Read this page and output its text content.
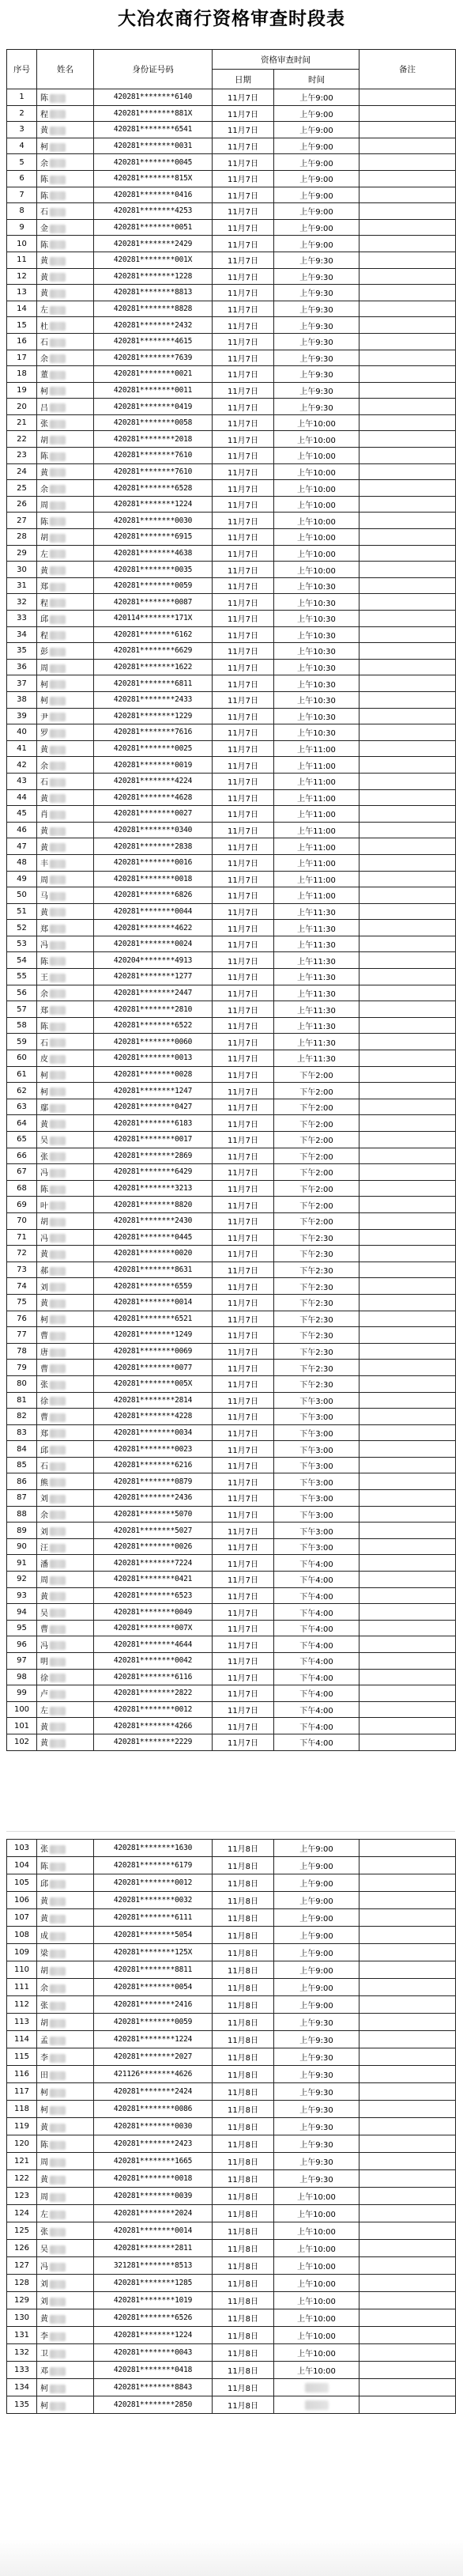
大冶农商行资格审查时段表
序号	姓名	身份证号码	资格审查时间		备注
			日期	时间	
1	陈	420281********6140	11月7日	上午9:00	
2	程	420281********881X	11月7日	上午9:00	
3	黄	420281********6541	11月7日	上午9:00	
4	柯	420281********0031	11月7日	上午9:00	
5	余	420281********0045	11月7日	上午9:00	
6	陈	420281********815X	11月7日	上午9:00	
7	陈	420281********0416	11月7日	上午9:00	
8	石	420281********4253	11月7日	上午9:00	
9	金	420281********0051	11月7日	上午9:00	
10	陈	420281********2429	11月7日	上午9:00	
11	黄	420281********001X	11月7日	上午9:30	
12	黄	420281********1228	11月7日	上午9:30	
13	黄	420281********8813	11月7日	上午9:30	
14	左	420281********8828	11月7日	上午9:30	
15	杜	420281********2432	11月7日	上午9:30	
16	石	420281********4615	11月7日	上午9:30	
17	余	420281********7639	11月7日	上午9:30	
18	董	420281********0021	11月7日	上午9:30	
19	柯	420281********0011	11月7日	上午9:30	
20	吕	420281********0419	11月7日	上午9:30	
21	张	420281********0058	11月7日	上午10:00	
22	胡	420281********2018	11月7日	上午10:00	
23	陈	420281********7610	11月7日	上午10:00	
24	黄	420281********7610	11月7日	上午10:00	
25	余	420281********6528	11月7日	上午10:00	
26	周	420281********1224	11月7日	上午10:00	
27	陈	420281********0030	11月7日	上午10:00	
28	胡	420281********6915	11月7日	上午10:00	
29	左	420281********4638	11月7日	上午10:00	
30	黄	420281********0035	11月7日	上午10:00	
31	郑	420281********0059	11月7日	上午10:30	
32	程	420281********0087	11月7日	上午10:30	
33	邱	420114********171X	11月7日	上午10:30	
34	程	420281********6162	11月7日	上午10:30	
35	彭	420281********6629	11月7日	上午10:30	
36	周	420281********1622	11月7日	上午10:30	
37	柯	420281********6811	11月7日	上午10:30	
38	柯	420281********2433	11月7日	上午10:30	
39	尹	420281********1229	11月7日	上午10:30	
40	罗	420281********7616	11月7日	上午10:30	
41	黄	420281********0025	11月7日	上午11:00	
42	余	420281********0019	11月7日	上午11:00	
43	石	420281********4224	11月7日	上午11:00	
44	黄	420281********4628	11月7日	上午11:00	
45	肖	420281********0027	11月7日	上午11:00	
46	黄	420281********0340	11月7日	上午11:00	
47	黄	420281********2838	11月7日	上午11:00	
48	丰	420281********0016	11月7日	上午11:00	
49	周	420281********0018	11月7日	上午11:00	
50	马	420281********6826	11月7日	上午11:00	
51	黄	420281********0044	11月7日	上午11:30	
52	郑	420281********4622	11月7日	上午11:30	
53	冯	420281********0024	11月7日	上午11:30	
54	陈	420204********4913	11月7日	上午11:30	
55	王	420281********1277	11月7日	上午11:30	
56	余	420281********2447	11月7日	上午11:30	
57	郑	420281********2810	11月7日	上午11:30	
58	陈	420281********6522	11月7日	上午11:30	
59	石	420281********0060	11月7日	上午11:30	
60	皮	420281********0013	11月7日	上午11:30	
61	柯	420281********0028	11月7日	下午2:00	
62	柯	420281********1247	11月7日	下午2:00	
63	鄢	420281********0427	11月7日	下午2:00	
64	黄	420281********6183	11月7日	下午2:00	
65	吴	420281********0017	11月7日	下午2:00	
66	张	420281********2869	11月7日	下午2:00	
67	冯	420281********6429	11月7日	下午2:00	
68	陈	420281********3213	11月7日	下午2:00	
69	叶	420281********8820	11月7日	下午2:00	
70	胡	420281********2430	11月7日	下午2:00	
71	冯	420281********0445	11月7日	下午2:30	
72	黄	420281********0020	11月7日	下午2:30	
73	郝	420281********8631	11月7日	下午2:30	
74	刘	420281********6559	11月7日	下午2:30	
75	黄	420281********0014	11月7日	下午2:30	
76	柯	420281********6521	11月7日	下午2:30	
77	曹	420281********1249	11月7日	下午2:30	
78	唐	420281********0069	11月7日	下午2:30	
79	曹	420281********0077	11月7日	下午2:30	
80	张	420281********005X	11月7日	下午2:30	
81	徐	420281********2814	11月7日	下午3:00	
82	曹	420281********4228	11月7日	下午3:00	
83	郑	420281********0034	11月7日	下午3:00	
84	邱	420281********0023	11月7日	下午3:00	
85	石	420281********6216	11月7日	下午3:00	
86	熊	420281********0879	11月7日	下午3:00	
87	刘	420281********2436	11月7日	下午3:00	
88	余	420281********5070	11月7日	下午3:00	
89	刘	420281********5027	11月7日	下午3:00	
90	汪	420281********0026	11月7日	下午3:00	
91	潘	420281********7224	11月7日	下午4:00	
92	周	420281********0421	11月7日	下午4:00	
93	黄	420281********6523	11月7日	下午4:00	
94	吴	420281********0049	11月7日	下午4:00	
95	曹	420281********007X	11月7日	下午4:00	
96	冯	420281********4644	11月7日	下午4:00	
97	明	420281********0042	11月7日	下午4:00	
98	徐	420281********6116	11月7日	下午4:00	
99	卢	420281********2822	11月7日	下午4:00	
100	左	420281********0012	11月7日	下午4:00	
101	黄	420281********4266	11月7日	下午4:00	
102	黄	420281********2229	11月7日	下午4:00	
103	张	420281********1630	11月8日	上午9:00	
104	陈	420281********6179	11月8日	上午9:00	
105	邱	420281********0012	11月8日	上午9:00	
106	黄	420281********0032	11月8日	上午9:00	
107	黄	420281********6111	11月8日	上午9:00	
108	成	420281********5054	11月8日	上午9:00	
109	梁	420281********125X	11月8日	上午9:00	
110	胡	420281********8811	11月8日	上午9:00	
111	余	420281********0054	11月8日	上午9:00	
112	张	420281********2416	11月8日	上午9:00	
113	胡	420281********0059	11月8日	上午9:30	
114	孟	420281********1224	11月8日	上午9:30	
115	李	420281********2027	11月8日	上午9:30	
116	田	421126********4626	11月8日	上午9:30	
117	柯	420281********2424	11月8日	上午9:30	
118	柯	420281********0086	11月8日	上午9:30	
119	黄	420281********0030	11月8日	上午9:30	
120	陈	420281********2423	11月8日	上午9:30	
121	周	420281********1665	11月8日	上午9:30	
122	黄	420281********0018	11月8日	上午9:30	
123	周	420281********0039	11月8日	上午10:00	
124	左	420281********2024	11月8日	上午10:00	
125	张	420281********0014	11月8日	上午10:00	
126	吴	420281********2811	11月8日	上午10:00	
127	冯	321281********8513	11月8日	上午10:00	
128	刘	420281********1285	11月8日	上午10:00	
129	刘	420281********1019	11月8日	上午10:00	
130	黄	420281********6526	11月8日	上午10:00	
131	李	420281********1224	11月8日	上午10:00	
132	卫	420281********0043	11月8日	上午10:00	
133	邓	420281********0418	11月8日	上午10:00	
134	柯	420281********8843	11月8日		
135	柯	420281********2850	11月8日		
